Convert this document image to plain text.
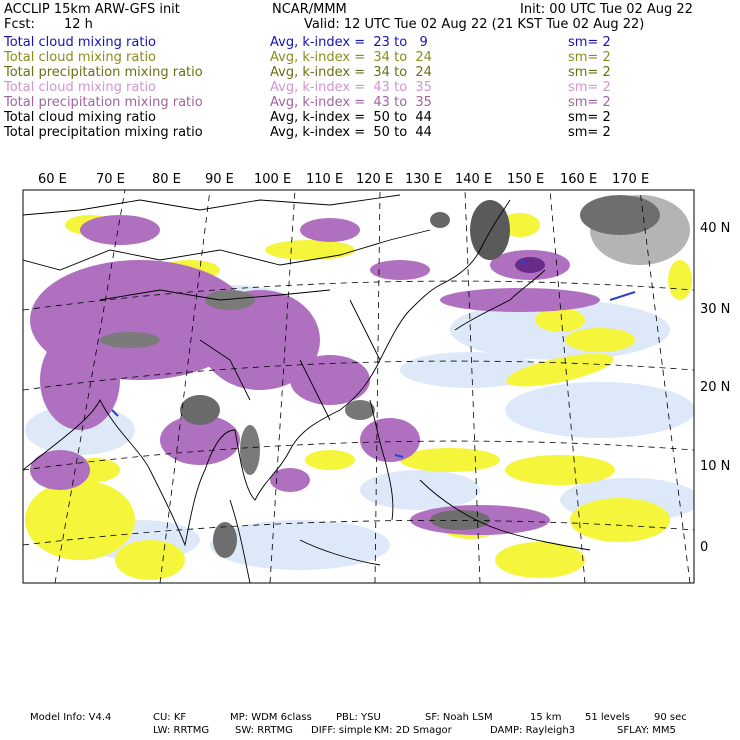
ACCLIP 15km ARW-GFS init	NCAR/MMM	Init: 00 UTC Tue 02 Aug 22
Fcst: 12 h	Valid: 12 UTC Tue 02 Aug 22 (21 KST Tue 02 Aug 22)
Total cloud mixing ratio	Avg, k-index =  23 to   9	sm= 2
Total cloud mixing ratio	Avg, k-index =  34 to  24	sm= 2
Total precipitation mixing ratio	Avg, k-index =  34 to  24	sm= 2
Total cloud mixing ratio	Avg, k-index =  43 to  35	sm= 2
Total precipitation mixing ratio	Avg, k-index =  43 to  35	sm= 2
Total cloud mixing ratio	Avg, k-index =  50 to  44	sm= 2
Total precipitation mixing ratio	Avg, k-index =  50 to  44	sm= 2
60 E 70 E 80 E 90 E 100 E 110 E 120 E 130 E 140 E 150 E 160 E 170 E
40 N
30 N
20 N
10 N
0
Model Info: V4.4	CU: KF	MP: WDM 6class PBL: YSU	SF: Noah LSM	15 km 51 levels 90 sec
LW: RRTMG	SW: RRTMG DIFF: simple KM: 2D Smagor	DAMP: Rayleigh3	SFLAY: MM5
